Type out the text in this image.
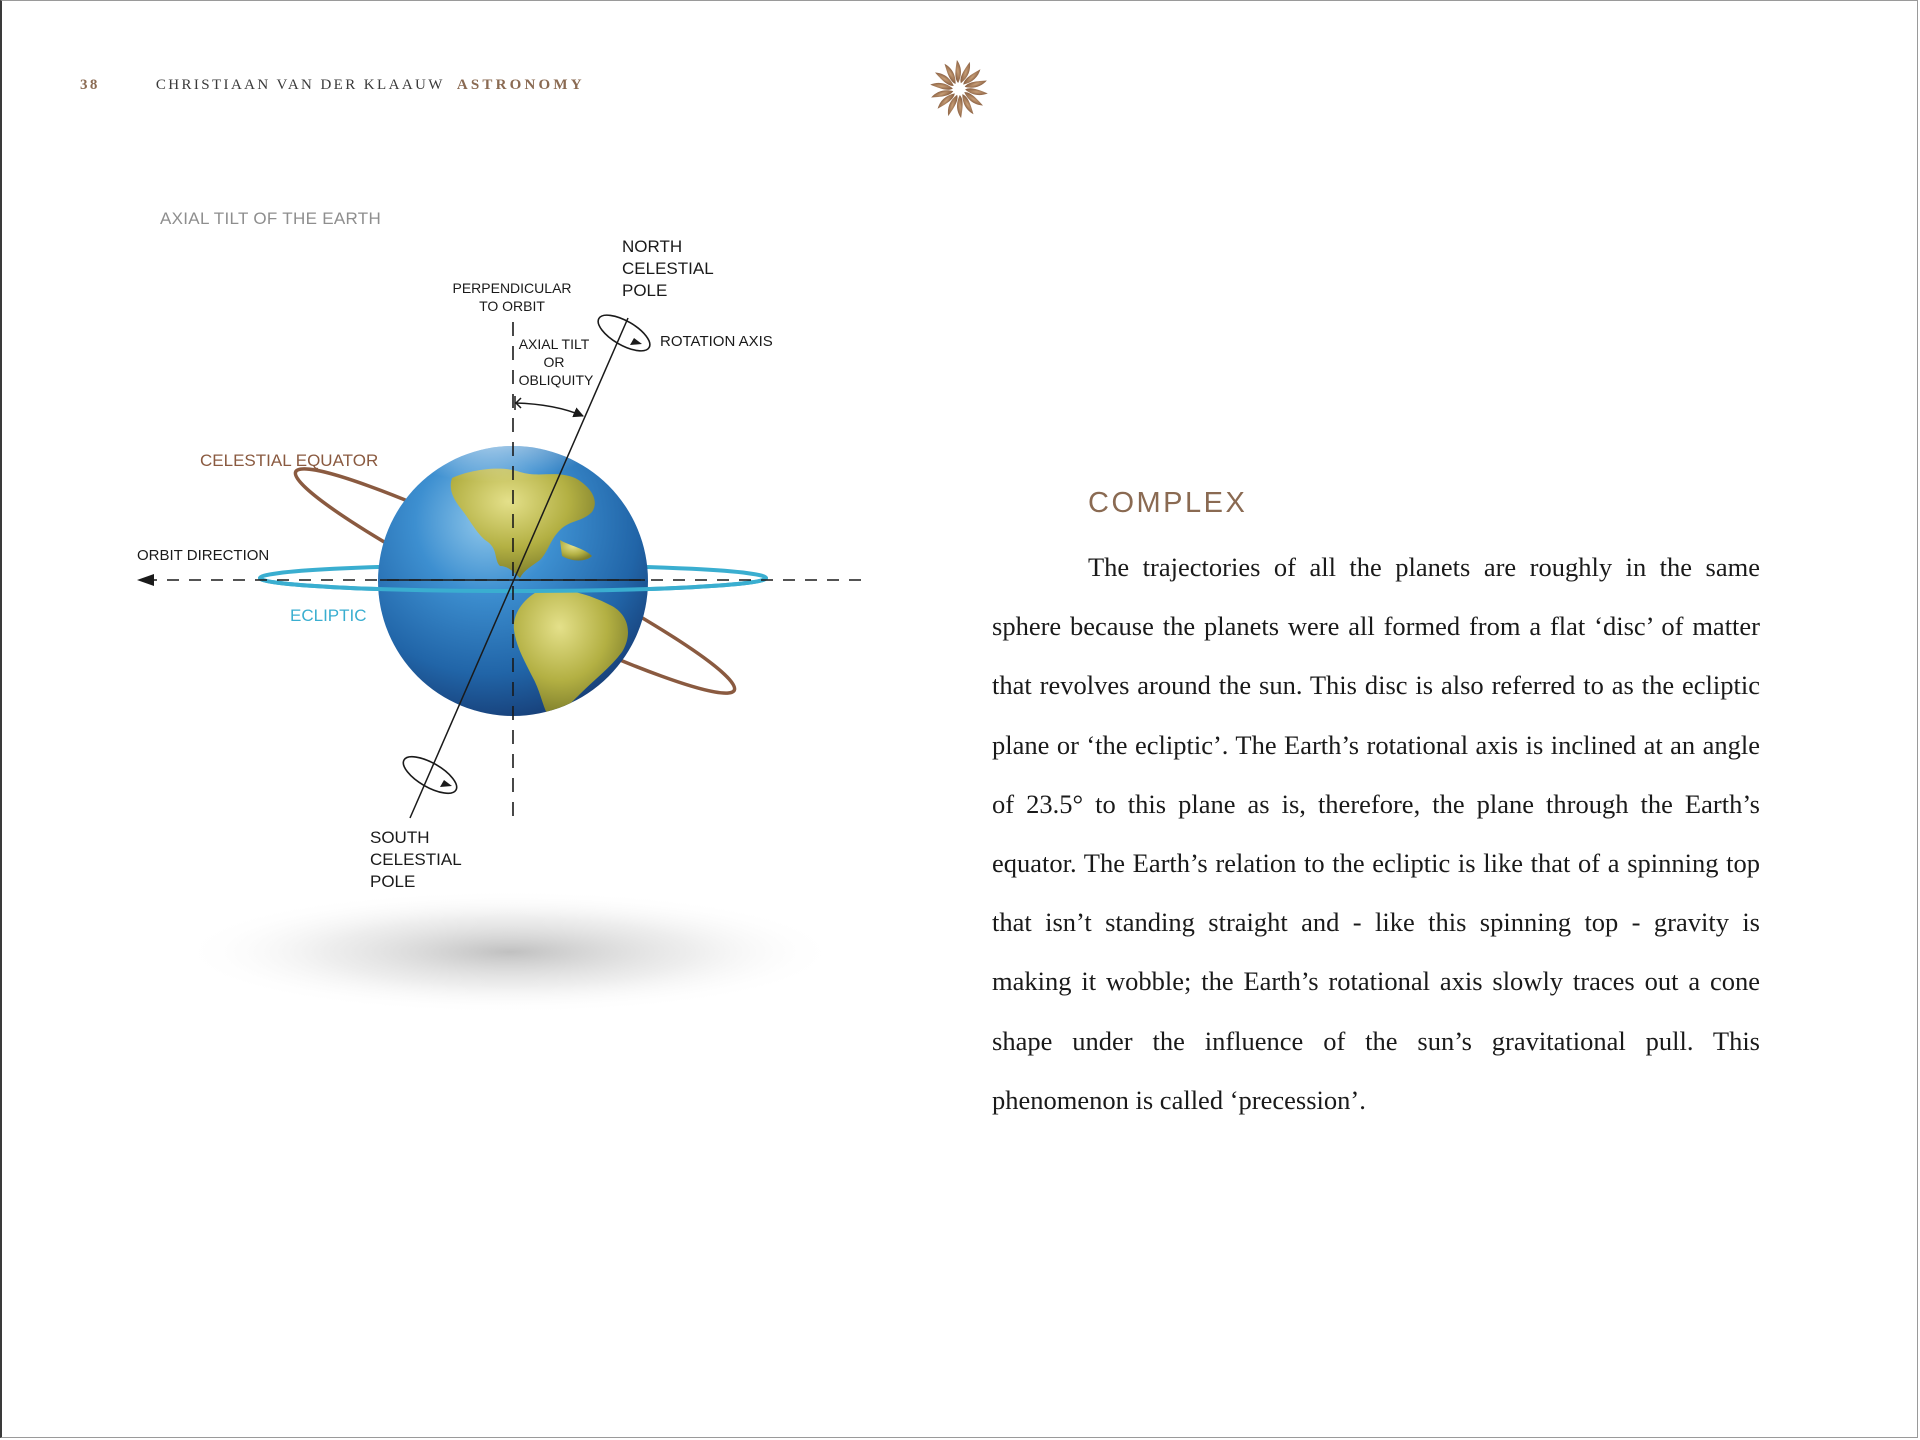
38	CHRISTIAAN VAN DER KLAAUW ASTRONOMY
AXIAL TILT OF THE EARTH
NORTH
CELESTIAL
POLE
PERPENDICULAR
TO ORBIT
ROTATION AXIS
AXIAL TILT
OR
OBLIQUITY
CELESTIAL EQUATOR
ORBIT DIRECTION
ECLIPTIC
SOUTH
CELESTIAL
POLE
COMPLEX

The trajectories of all the planets are roughly in the same sphere because the planets were all formed from a flat ‘disc’ of matter that revolves around the sun. This disc is also referred to as the ecliptic plane or ‘the ecliptic’. The Earth’s rotational axis is inclined at an angle of 23.5° to this plane as is, therefore, the plane through the Earth’s equator. The Earth’s relation to the ecliptic is like that of a spinning top that isn’t standing straight and - like this spinning top - gravity is making it wobble; the Earth’s rotational axis slowly traces out a cone shape under the influence of the sun’s gravitational pull. This phenomenon is called ‘precession’.
